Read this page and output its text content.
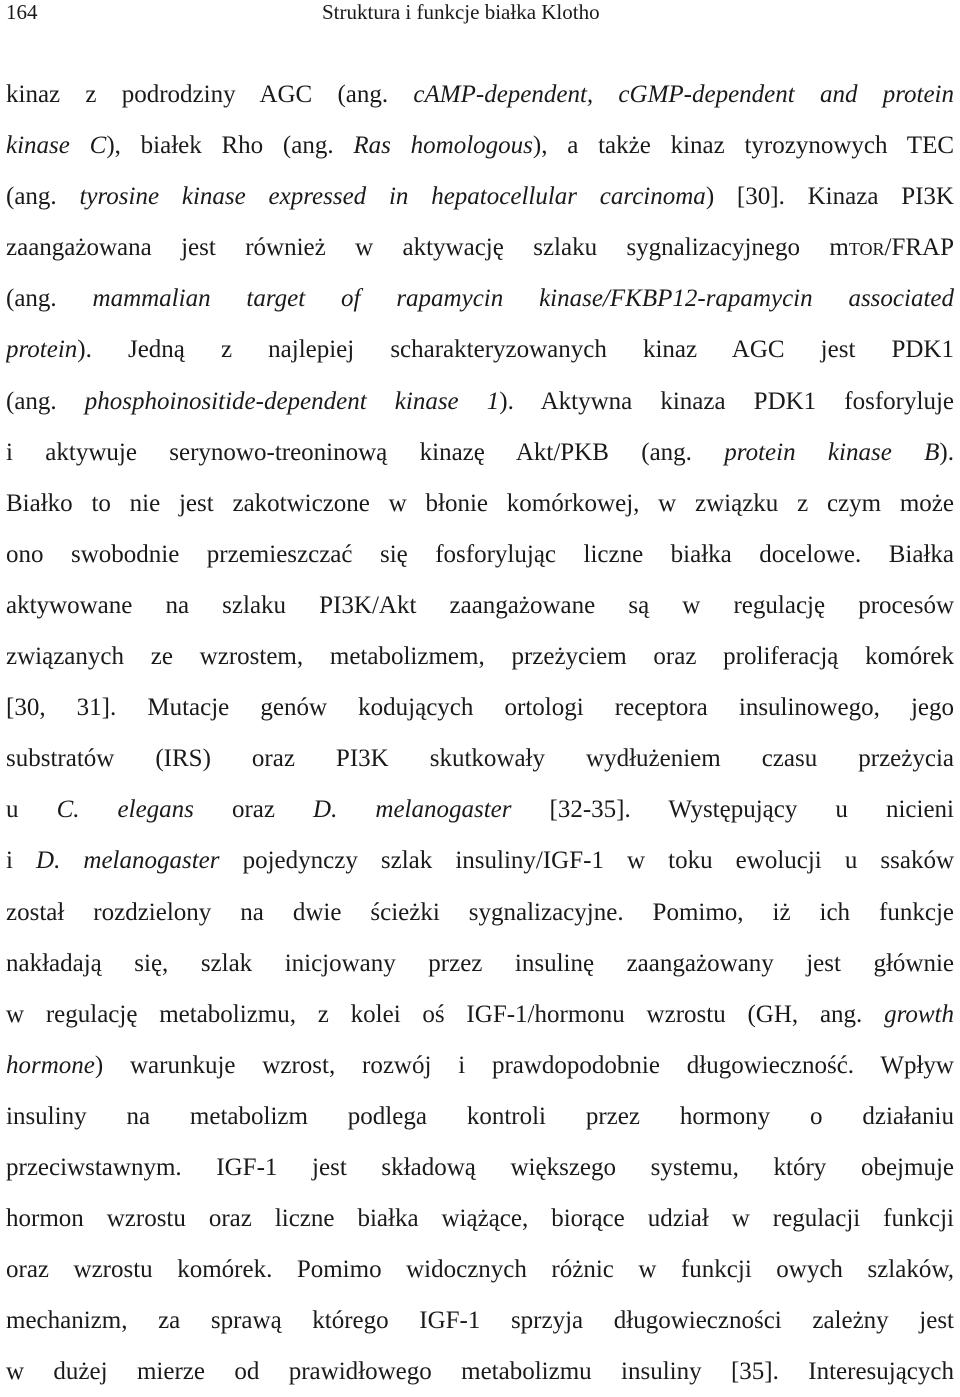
164	Struktura i funkcje białka Klotho
kinaz z podrodziny AGC (ang. cAMP-dependent, cGMP-dependent and protein
kinase C), białek Rho (ang. Ras homologous), a także kinaz tyrozynowych TEC
(ang. tyrosine kinase expressed in hepatocellular carcinoma) [30]. Kinaza PI3K
zaangażowana jest również w aktywację szlaku sygnalizacyjnego mtor/FRAP
(ang. mammalian target of rapamycin kinase/FKBP12-rapamycin associated
protein). Jedną z najlepiej scharakteryzowanych kinaz AGC jest PDK1
(ang. phosphoinositide-dependent kinase 1). Aktywna kinaza PDK1 fosforyluje
i aktywuje serynowo-treoninową kinazę Akt/PKB (ang. protein kinase B).
Białko to nie jest zakotwiczone w błonie komórkowej, w związku z czym może
ono swobodnie przemieszczać się fosforylując liczne białka docelowe. Białka
aktywowane na szlaku PI3K/Akt zaangażowane są w regulację procesów
związanych ze wzrostem, metabolizmem, przeżyciem oraz proliferacją komórek
[30, 31]. Mutacje genów kodujących ortologi receptora insulinowego, jego
substratów (IRS) oraz PI3K skutkowały wydłużeniem czasu przeżycia
u C. elegans oraz D. melanogaster [32-35]. Występujący u nicieni
i D. melanogaster pojedynczy szlak insuliny/IGF-1 w toku ewolucji u ssaków
został rozdzielony na dwie ścieżki sygnalizacyjne. Pomimo, iż ich funkcje
nakładają się, szlak inicjowany przez insulinę zaangażowany jest głównie
w regulację metabolizmu, z kolei oś IGF-1/hormonu wzrostu (GH, ang. growth
hormone) warunkuje wzrost, rozwój i prawdopodobnie długowieczność. Wpływ
insuliny na metabolizm podlega kontroli przez hormony o działaniu
przeciwstawnym. IGF-1 jest składową większego systemu, który obejmuje
hormon wzrostu oraz liczne białka wiążące, biorące udział w regulacji funkcji
oraz wzrostu komórek. Pomimo widocznych różnic w funkcji owych szlaków,
mechanizm, za sprawą którego IGF-1 sprzyja długowieczności zależny jest
w dużej mierze od prawidłowego metabolizmu insuliny [35]. Interesujących
